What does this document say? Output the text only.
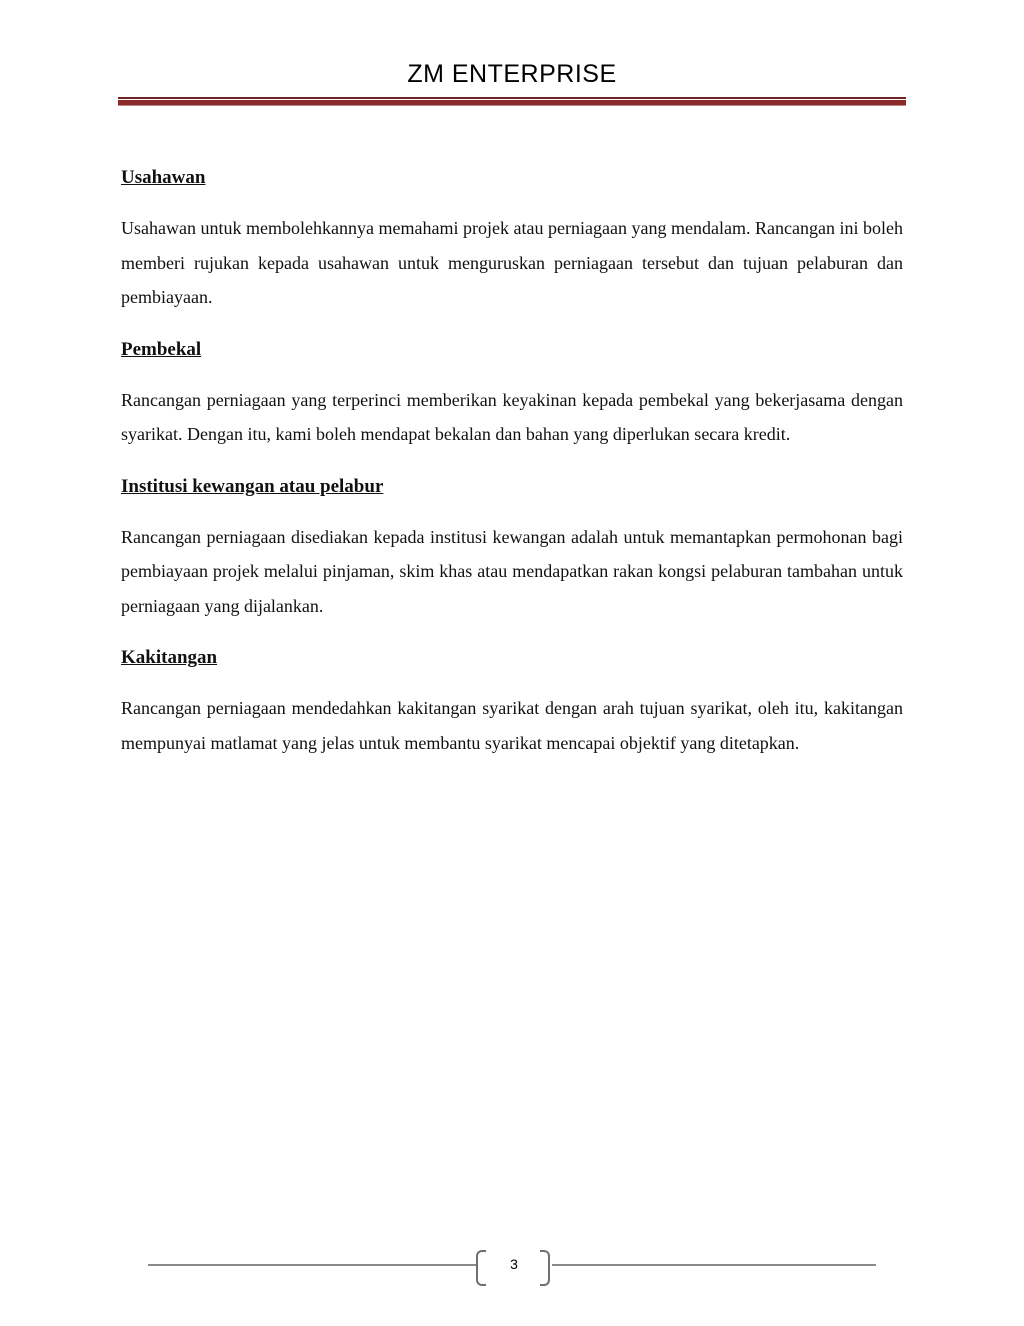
ZM ENTERPRISE
Usahawan

Usahawan untuk membolehkannya memahami projek atau perniagaan yang mendalam. Rancangan ini boleh memberi rujukan kepada usahawan untuk menguruskan perniagaan tersebut dan tujuan pelaburan dan pembiayaan.

Pembekal

Rancangan perniagaan yang terperinci memberikan keyakinan kepada pembekal yang bekerjasama dengan syarikat. Dengan itu, kami boleh mendapat bekalan dan bahan yang diperlukan secara kredit.

Institusi kewangan atau pelabur

Rancangan perniagaan disediakan kepada institusi kewangan adalah untuk memantapkan permohonan bagi pembiayaan projek melalui pinjaman, skim khas atau mendapatkan rakan kongsi pelaburan tambahan untuk perniagaan yang dijalankan.

Kakitangan

Rancangan perniagaan mendedahkan kakitangan syarikat dengan arah tujuan syarikat, oleh itu, kakitangan mempunyai matlamat yang jelas untuk membantu syarikat mencapai objektif yang ditetapkan.

3
